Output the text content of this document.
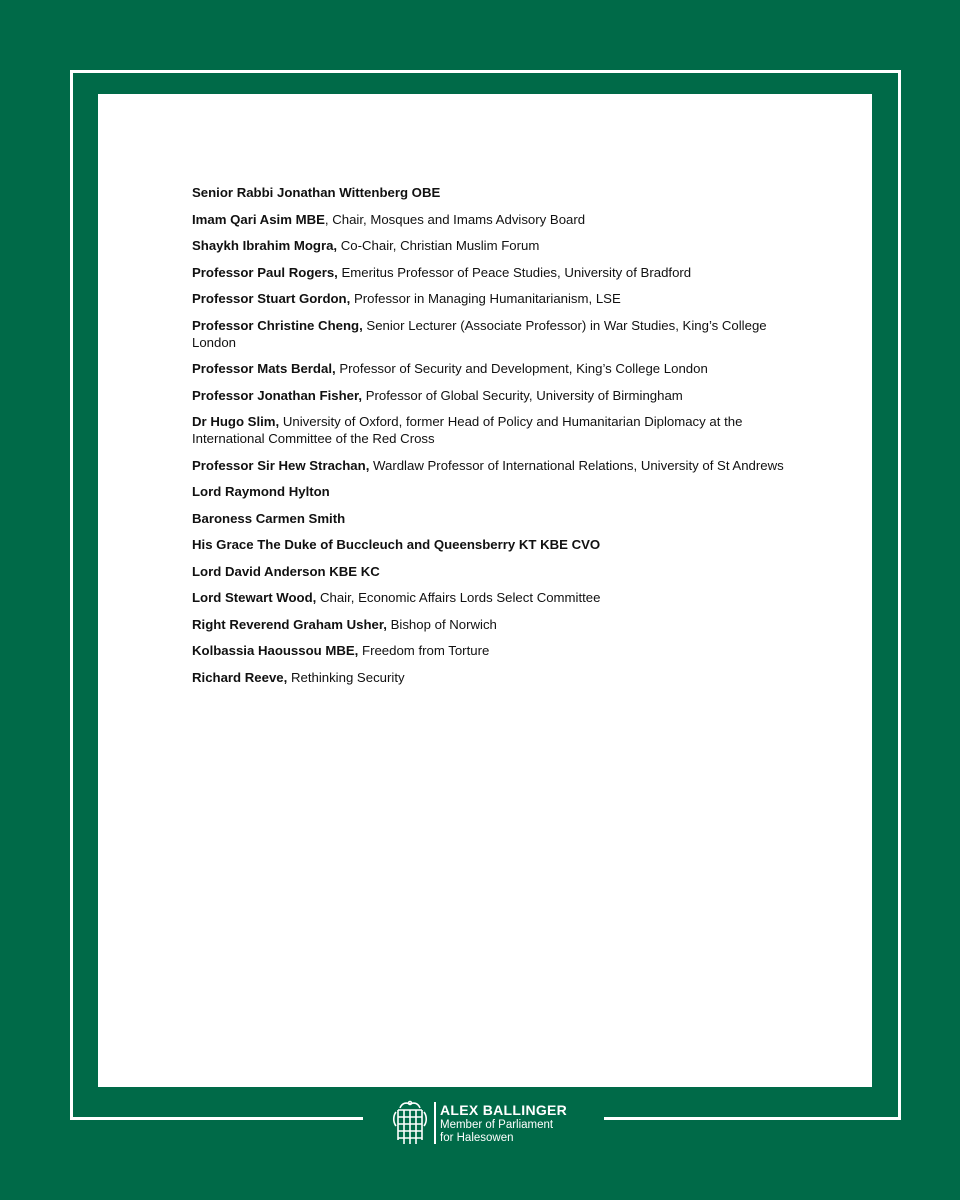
Senior Rabbi Jonathan Wittenberg OBE
Imam Qari Asim MBE, Chair, Mosques and Imams Advisory Board
Shaykh Ibrahim Mogra, Co-Chair, Christian Muslim Forum
Professor Paul Rogers, Emeritus Professor of Peace Studies, University of Bradford
Professor Stuart Gordon, Professor in Managing Humanitarianism, LSE
Professor Christine Cheng, Senior Lecturer (Associate Professor) in War Studies, King’s College London
Professor Mats Berdal, Professor of Security and Development, King’s College London
Professor Jonathan Fisher, Professor of Global Security, University of Birmingham
Dr Hugo Slim, University of Oxford, former Head of Policy and Humanitarian Diplomacy at the International Committee of the Red Cross
Professor Sir Hew Strachan, Wardlaw Professor of International Relations, University of St Andrews
Lord Raymond Hylton
Baroness Carmen Smith
His Grace The Duke of Buccleuch and Queensberry KT KBE CVO
Lord David Anderson KBE KC
Lord Stewart Wood, Chair, Economic Affairs Lords Select Committee
Right Reverend Graham Usher, Bishop of Norwich
Kolbassia Haoussou MBE, Freedom from Torture
Richard Reeve, Rethinking Security
ALEX BALLINGER
Member of Parliament
for Halesowen
